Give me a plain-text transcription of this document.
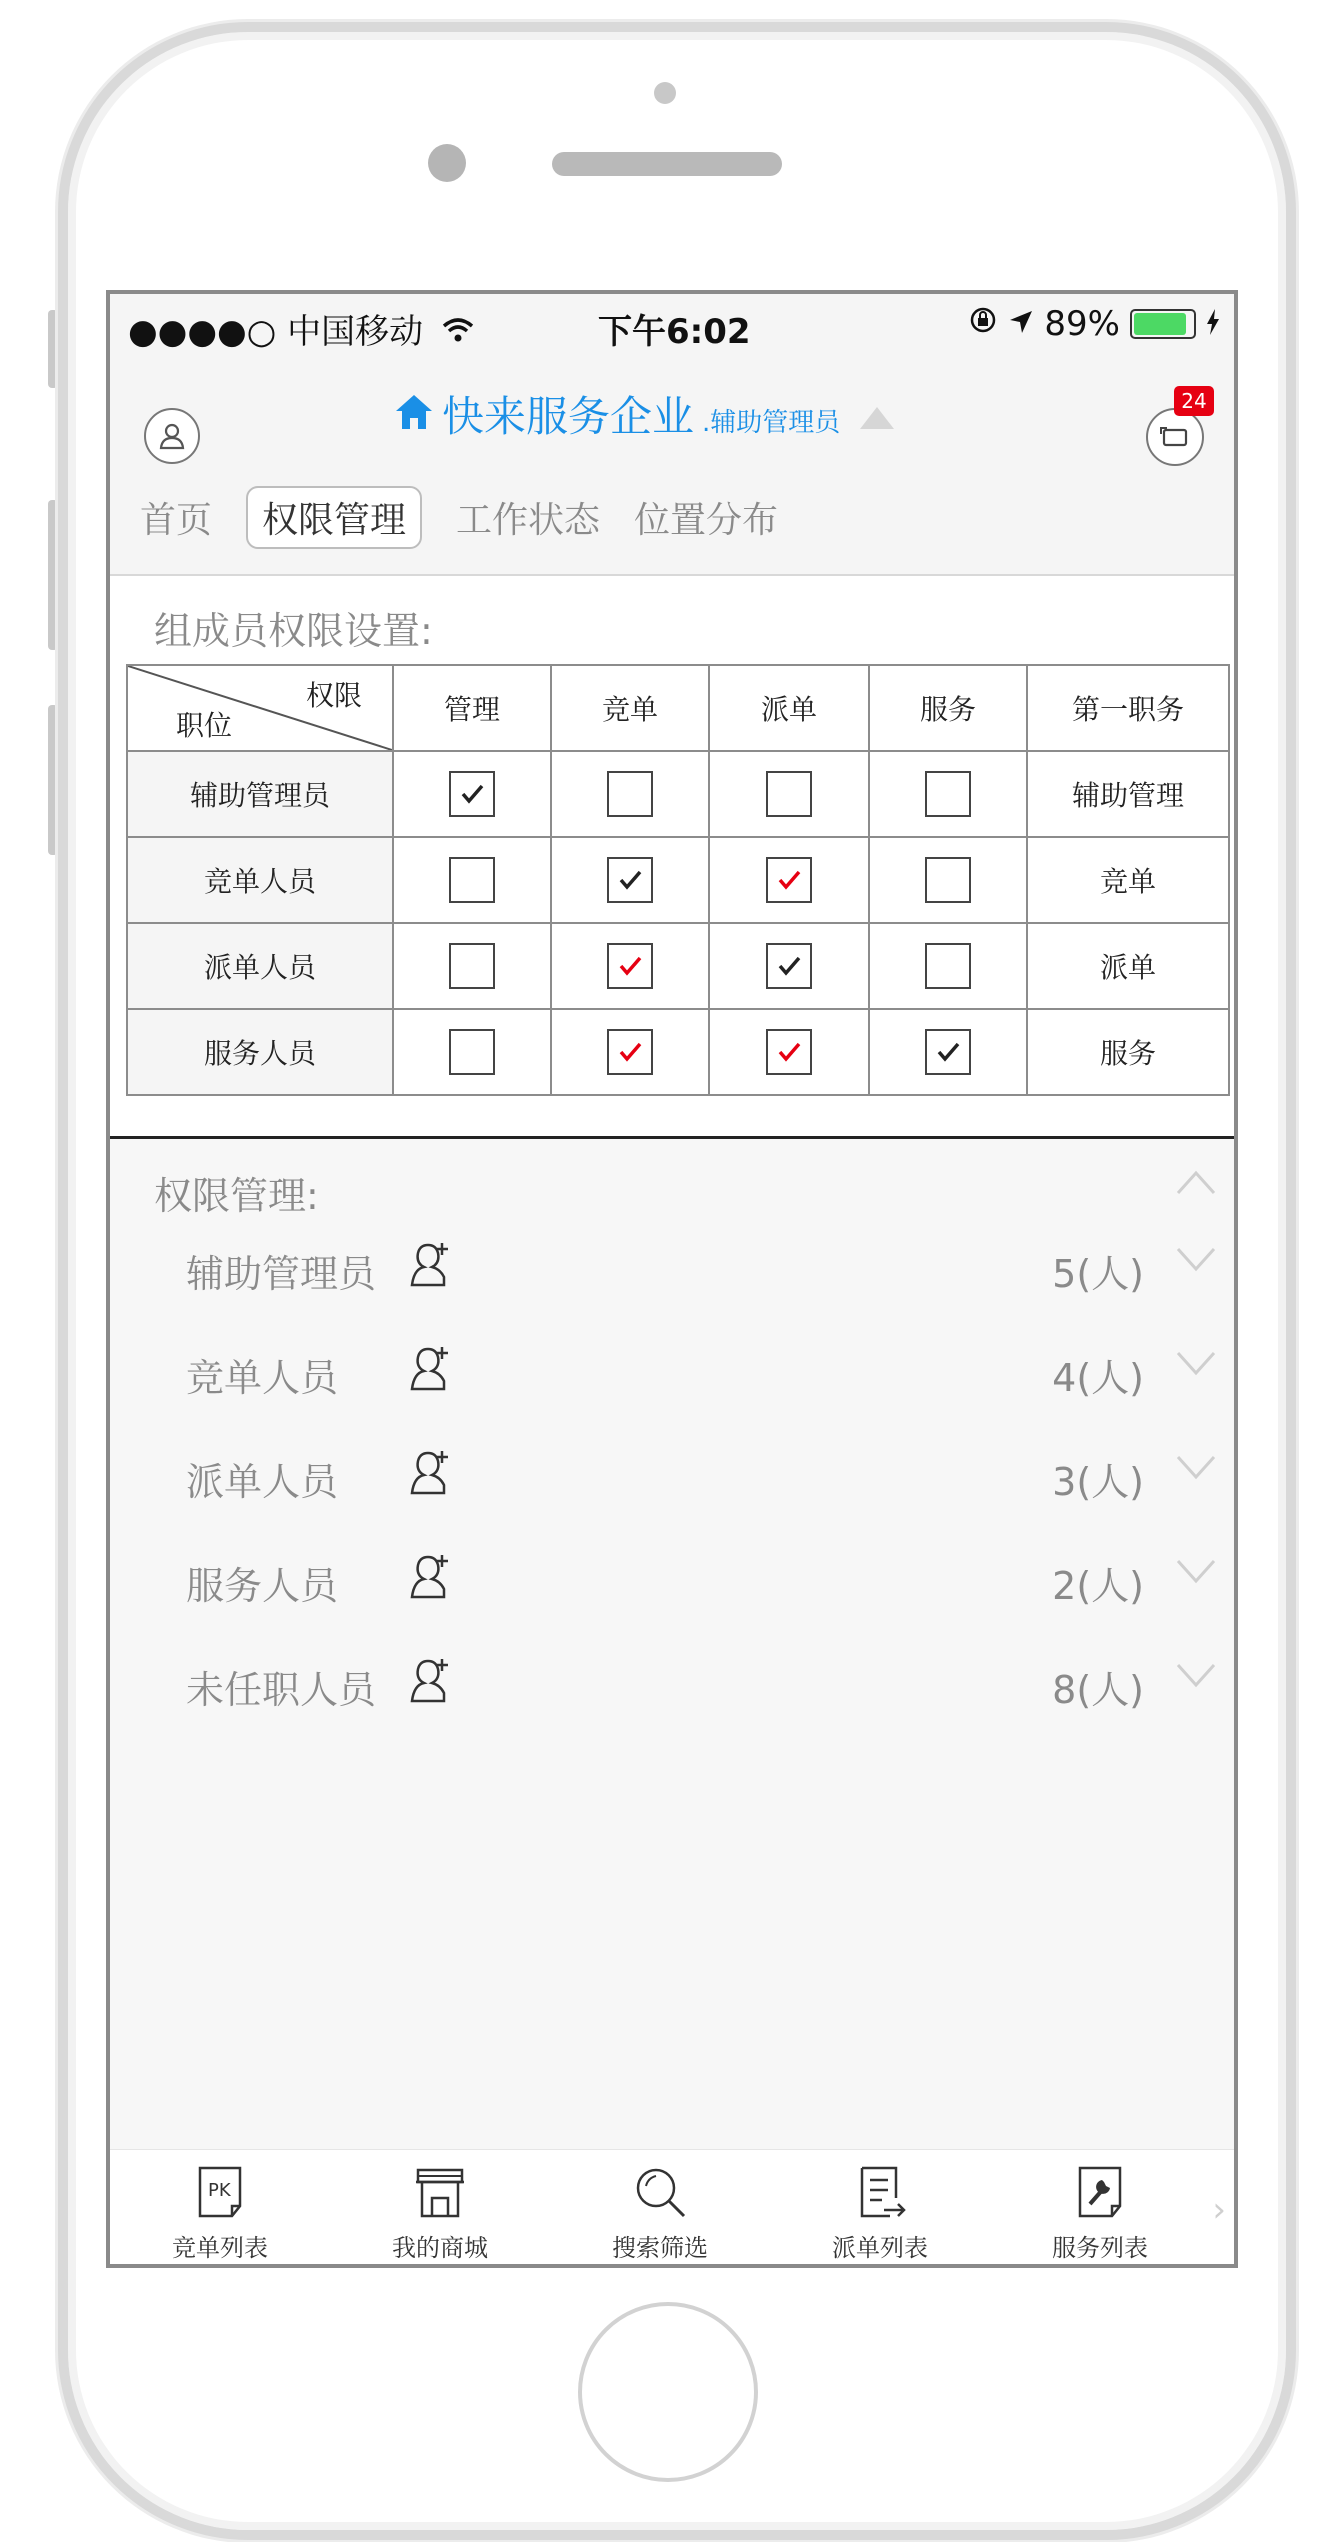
●●●●○ 中国移动	下午6:02	89%
快来服务企业 .辅助管理员
24
首页	权限管理	工作状态 位置分布
组成员权限设置:
权限
职位	管理	竞单	派单	服务	第一职务
辅助管理员					辅助管理
竞单人员					竞单
派单人员					派单
服务人员					服务
权限管理:
辅助管理员	5(人)
竞单人员	4(人)
派单人员	3(人)
服务人员	2(人)
未任职人员	8(人)
PK
竞单列表	我的商城	搜索筛选	派单列表	服务列表
›
